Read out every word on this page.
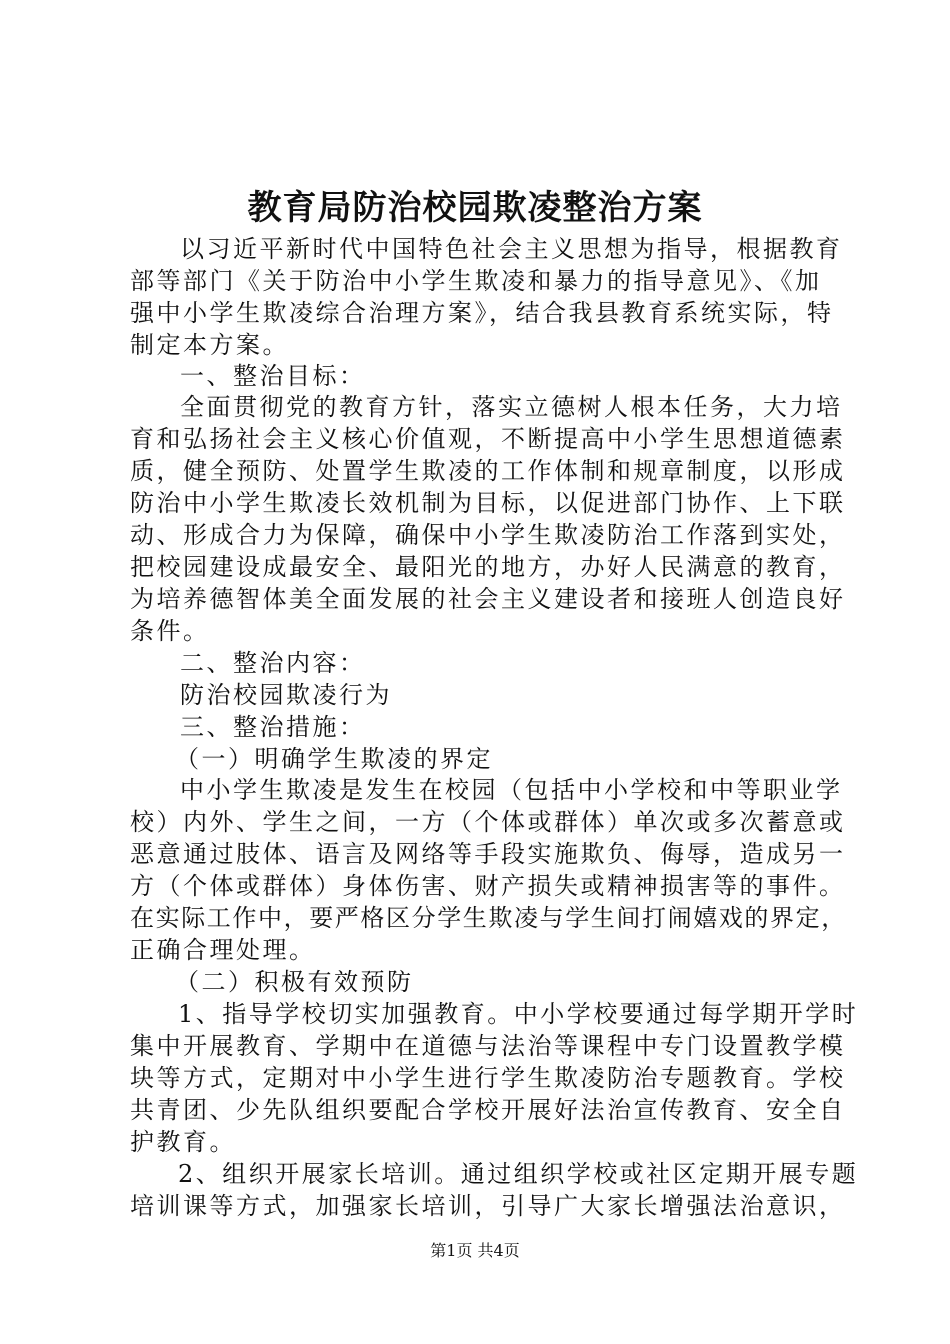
教育局防治校园欺凌整治方案
以习近平新时代中国特色社会主义思想为指导，根据教育
部等部门《关于防治中小学生欺凌和暴力的指导意见》、《加
强中小学生欺凌综合治理方案》，结合我县教育系统实际，特
制定本方案。
一、整治目标：
全面贯彻党的教育方针，落实立德树人根本任务，大力培
育和弘扬社会主义核心价值观，不断提高中小学生思想道德素
质，健全预防、处置学生欺凌的工作体制和规章制度，以形成
防治中小学生欺凌长效机制为目标，以促进部门协作、上下联
动、形成合力为保障，确保中小学生欺凌防治工作落到实处，
把校园建设成最安全、最阳光的地方，办好人民满意的教育，
为培养德智体美全面发展的社会主义建设者和接班人创造良好
条件。
二、整治内容：
防治校园欺凌行为
三、整治措施：
（一）明确学生欺凌的界定
中小学生欺凌是发生在校园（包括中小学校和中等职业学
校）内外、学生之间，一方（个体或群体）单次或多次蓄意或
恶意通过肢体、语言及网络等手段实施欺负、侮辱，造成另一
方（个体或群体）身体伤害、财产损失或精神损害等的事件。
在实际工作中，要严格区分学生欺凌与学生间打闹嬉戏的界定，
正确合理处理。
（二）积极有效预防
1、指导学校切实加强教育。中小学校要通过每学期开学时
集中开展教育、学期中在道德与法治等课程中专门设置教学模
块等方式，定期对中小学生进行学生欺凌防治专题教育。学校
共青团、少先队组织要配合学校开展好法治宣传教育、安全自
护教育。
2、组织开展家长培训。通过组织学校或社区定期开展专题
培训课等方式，加强家长培训，引导广大家长增强法治意识，
第1页 共4页
